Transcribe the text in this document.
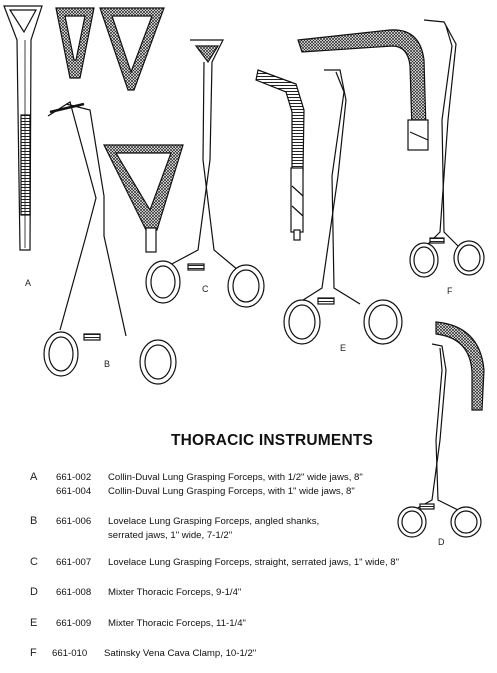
A
B
C
D
E
F
THORACIC INSTRUMENTS
A 661-002 Collin-Duval Lung Grasping Forceps, with 1/2" wide jaws, 8"
661-004 Collin-Duval Lung Grasping Forceps, with 1" wide jaws, 8"
B 661-006 Lovelace Lung Grasping Forceps, angled shanks,
serrated jaws, 1" wide, 7-1/2"
C 661-007 Lovelace Lung Grasping Forceps, straight, serrated jaws, 1" wide, 8"
D 661-008 Mixter Thoracic Forceps, 9-1/4"
E 661-009 Mixter Thoracic Forceps, 11-1/4"
F 661-010 Satinsky Vena Cava Clamp, 10-1/2"
